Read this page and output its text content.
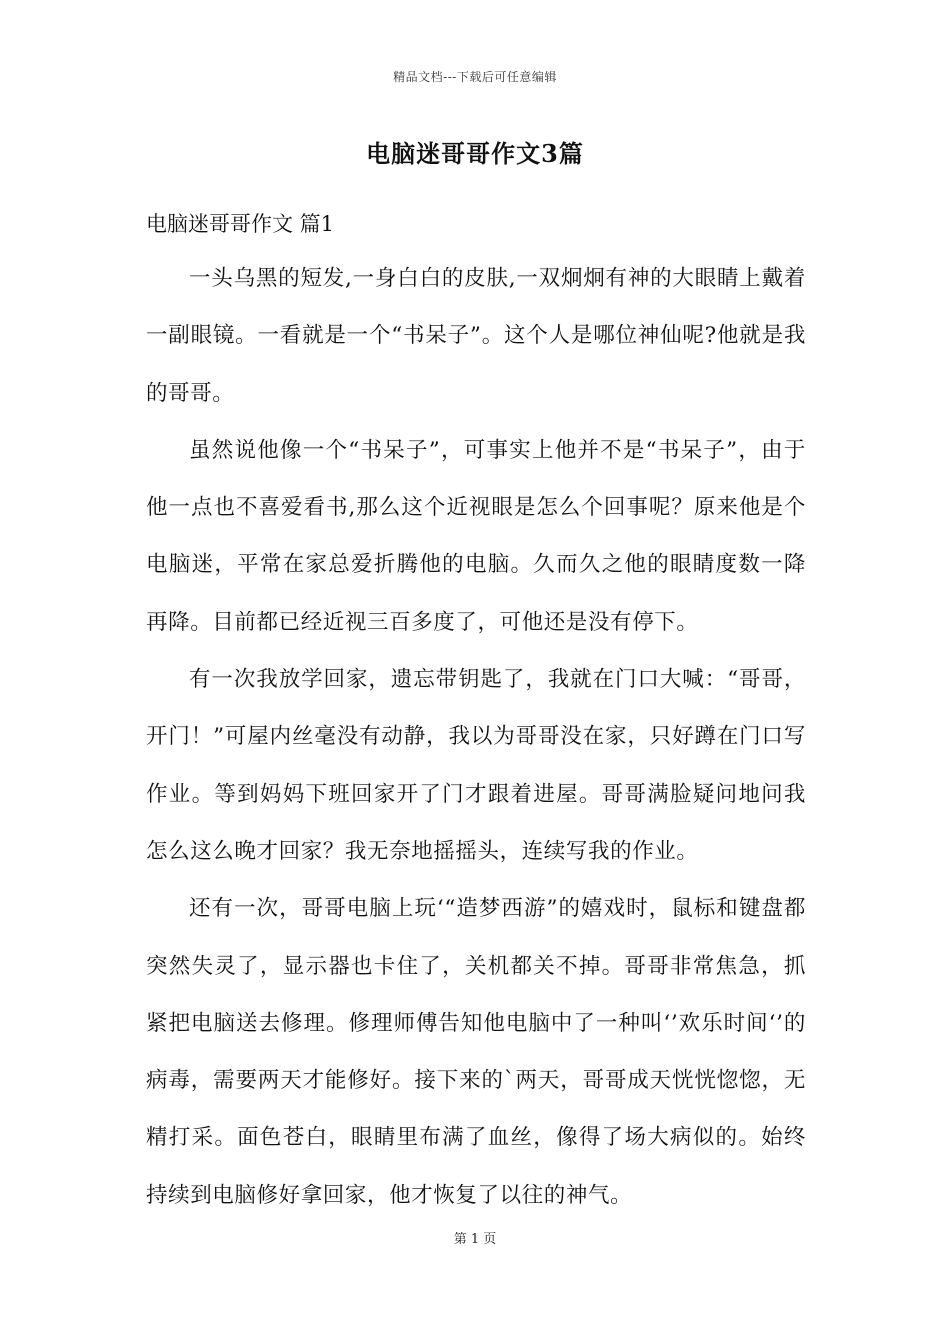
精品文档---下载后可任意编辑
电脑迷哥哥作文3篇
电脑迷哥哥作文 篇1

一头乌黑的短发,一身白白的皮肤,一双炯炯有神的大眼睛上戴着一副眼镜。一看就是一个“书呆子”。这个人是哪位神仙呢?他就是我的哥哥。

虽然说他像一个“书呆子”，可事实上他并不是“书呆子”，由于他一点也不喜爱看书,那么这个近视眼是怎么个回事呢？原来他是个电脑迷，平常在家总爱折腾他的电脑。久而久之他的眼睛度数一降再降。目前都已经近视三百多度了，可他还是没有停下。

有一次我放学回家，遗忘带钥匙了，我就在门口大喊：“哥哥，开门！”可屋内丝毫没有动静，我以为哥哥没在家，只好蹲在门口写作业。等到妈妈下班回家开了门才跟着进屋。哥哥满脸疑问地问我怎么这么晚才回家？我无奈地摇摇头，连续写我的作业。

还有一次，哥哥电脑上玩‘“造梦西游”的嬉戏时，鼠标和键盘都突然失灵了，显示器也卡住了，关机都关不掉。哥哥非常焦急，抓紧把电脑送去修理。修理师傅告知他电脑中了一种叫‘’欢乐时间‘’的病毒，需要两天才能修好。接下来的`两天，哥哥成天恍恍惚惚，无精打采。面色苍白，眼睛里布满了血丝，像得了场大病似的。始终持续到电脑修好拿回家，他才恢复了以往的神气。

第 1 页
